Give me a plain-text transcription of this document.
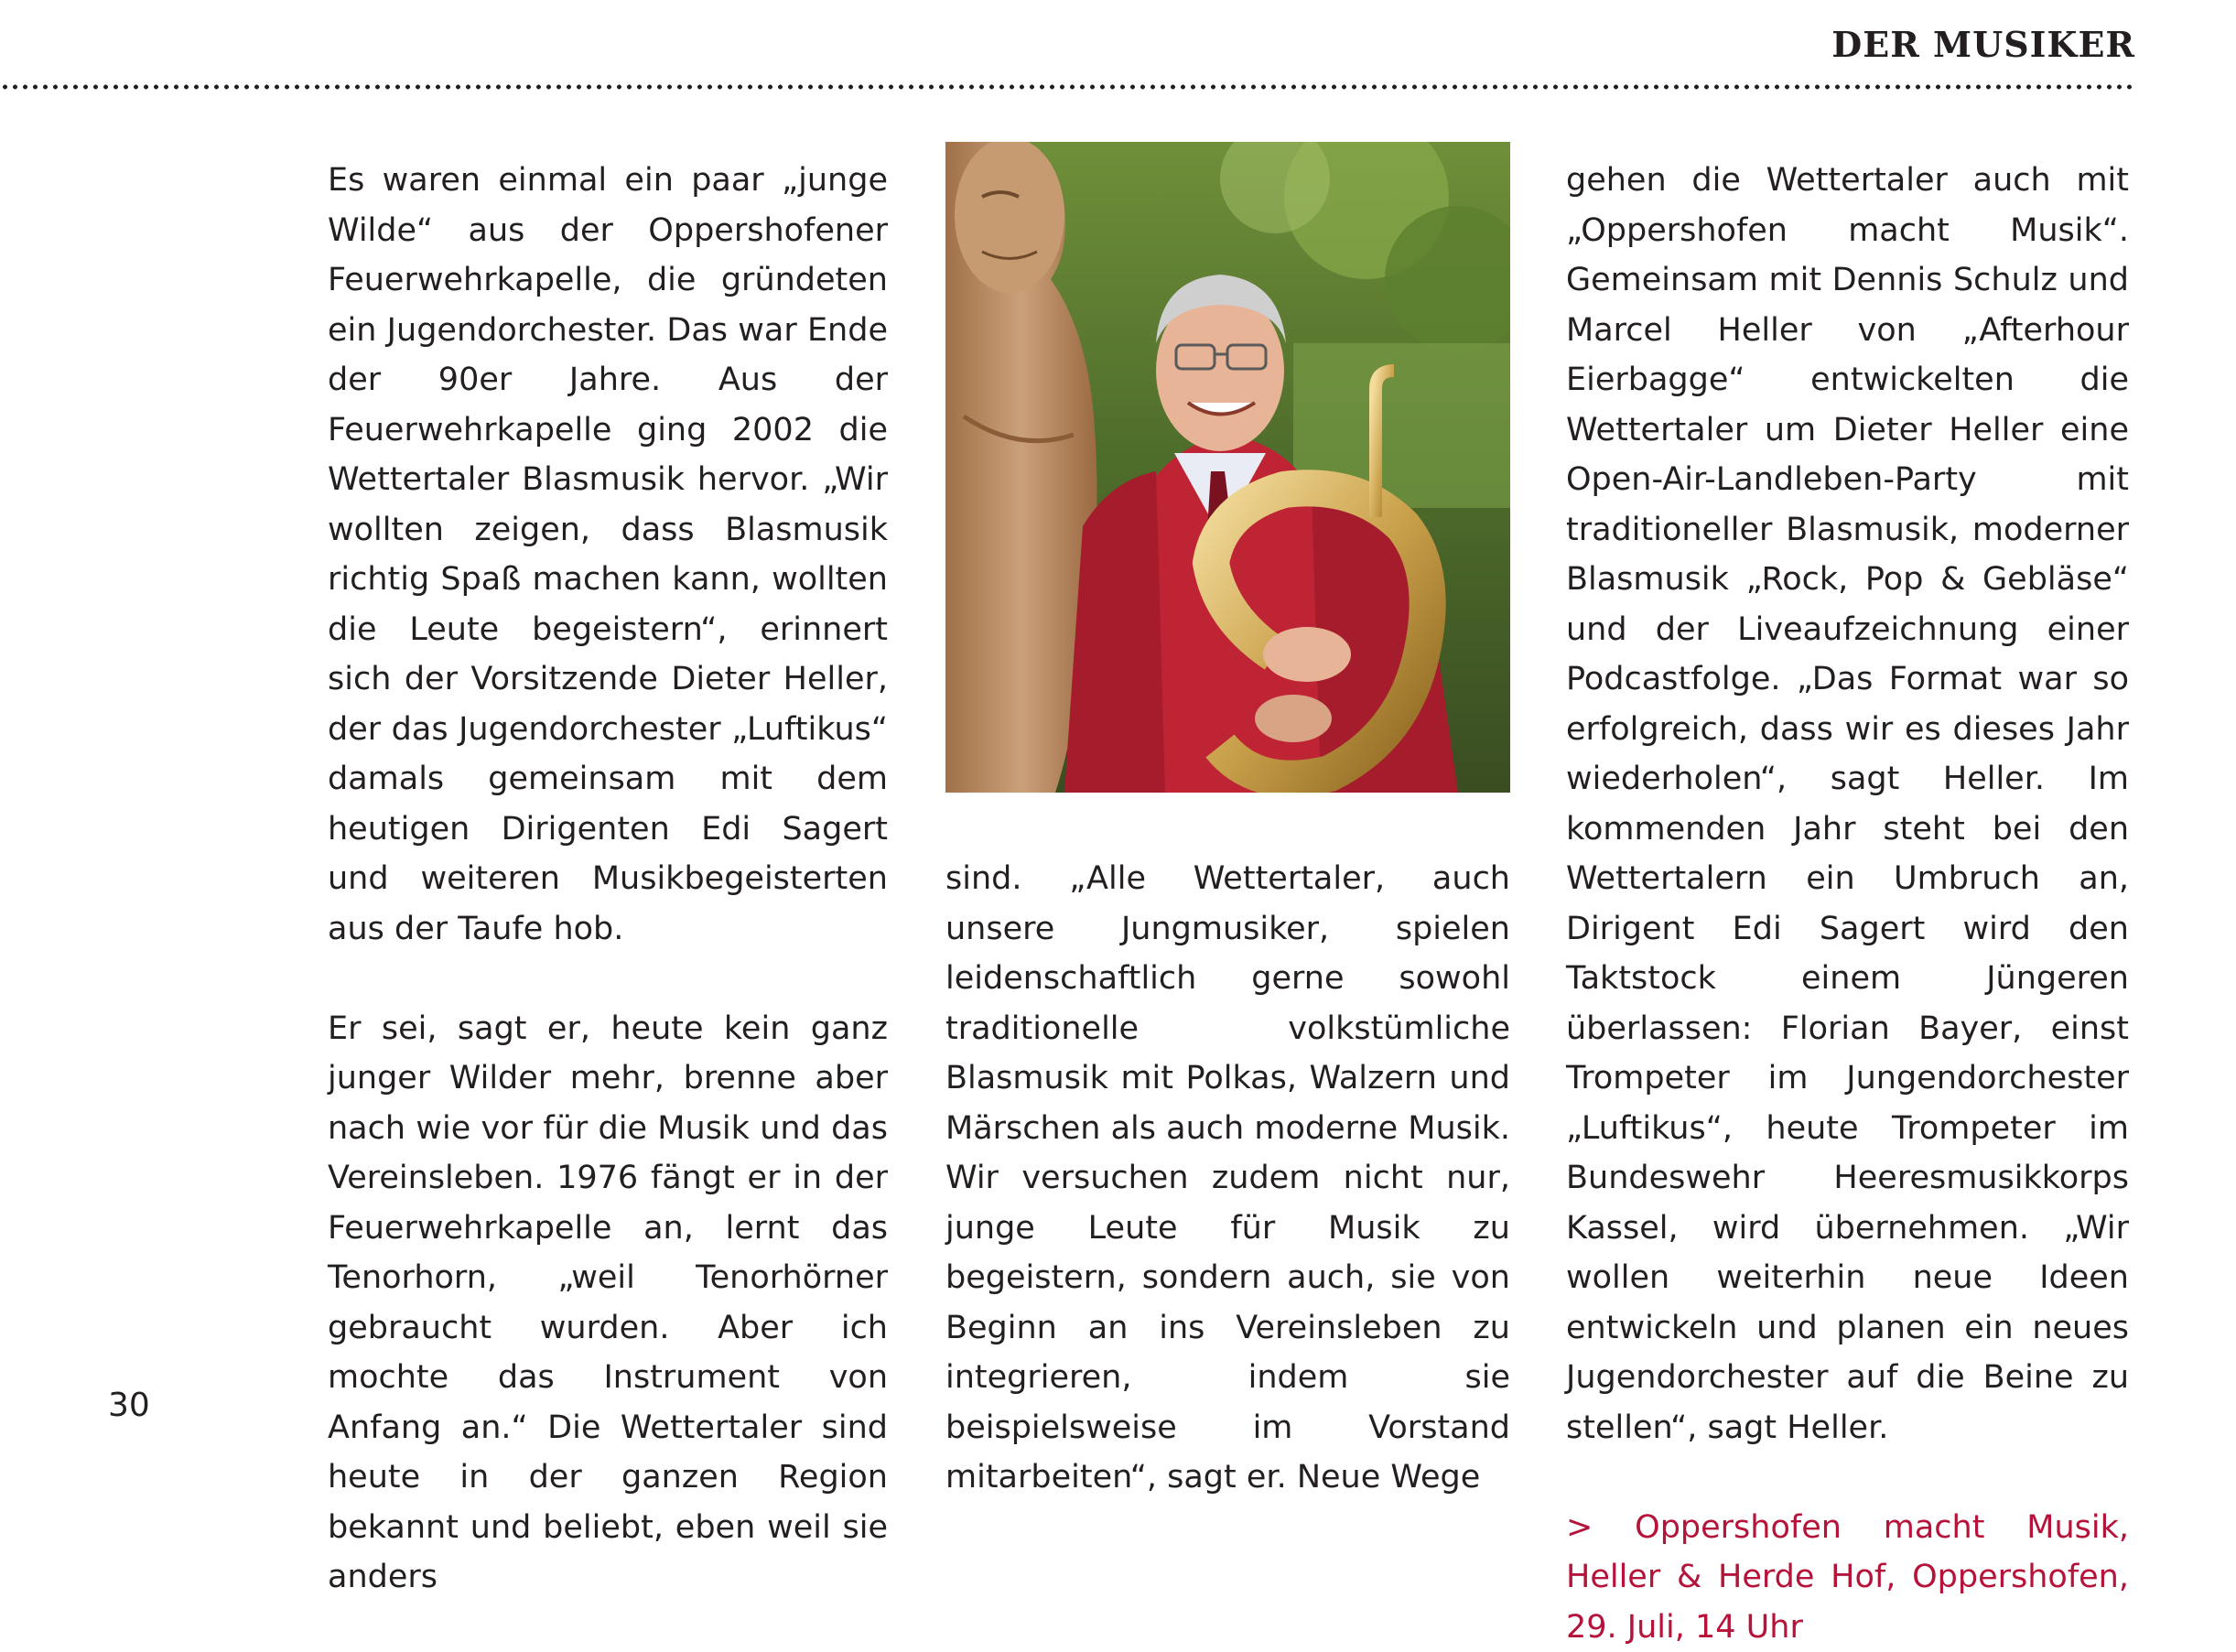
DER MUSIKER

Es waren einmal ein paar „junge Wilde“ aus der Oppershofener Feuerwehrkapelle, die gründeten ein Jugendorchester. Das war Ende der 90er Jahre. Aus der Feuerwehrkapelle ging 2002 die Wettertaler Blasmusik hervor. „Wir wollten zeigen, dass Blasmusik richtig Spaß machen kann, wollten die Leute begeistern“, erinnert sich der Vorsitzende Dieter Heller, der das Jugendorchester „Luftikus“ damals gemeinsam mit dem heutigen Dirigenten Edi Sagert und weiteren Musikbegeisterten aus der Taufe hob.

Er sei, sagt er, heute kein ganz junger Wilder mehr, brenne aber nach wie vor für die Musik und das Vereinsleben. 1976 fängt er in der Feuerwehrkapelle an, lernt das Tenorhorn, „weil Tenorhörner gebraucht wurden. Aber ich mochte das Instrument von Anfang an.“ Die Wettertaler sind heute in der ganzen Region bekannt und beliebt, eben weil sie anders

sind. „Alle Wettertaler, auch unsere Jungmusiker, spielen leidenschaftlich gerne sowohl traditionelle volkstümliche Blasmusik mit Polkas, Walzern und Märschen als auch moderne Musik. Wir versuchen zudem nicht nur, junge Leute für Musik zu begeistern, sondern auch, sie von Beginn an ins Vereinsleben zu integrieren, indem sie beispielsweise im Vorstand mitarbeiten“, sagt er. Neue Wege

gehen die Wettertaler auch mit „Oppershofen macht Musik“. Gemeinsam mit Dennis Schulz und Marcel Heller von „Afterhour Eierbagge“ entwickelten die Wettertaler um Dieter Heller eine Open-Air-Landleben-Party mit traditioneller Blasmusik, moderner Blasmusik „Rock, Pop & Gebläse“ und der Liveaufzeichnung einer Podcastfolge. „Das Format war so erfolgreich, dass wir es dieses Jahr wiederholen“, sagt Heller. Im kommenden Jahr steht bei den Wettertalern ein Umbruch an, Dirigent Edi Sagert wird den Taktstock einem Jüngeren überlassen: Florian Bayer, einst Trompeter im Jungendorchester „Luftikus“, heute Trompeter im Bundeswehr Heeresmusikkorps Kassel, wird übernehmen. „Wir wollen weiterhin neue Ideen entwickeln und planen ein neues Jugendorchester auf die Beine zu stellen“, sagt Heller.

> Oppershofen macht Musik, Heller & Herde Hof, Oppershofen, 29. Juli, 14 Uhr

30
